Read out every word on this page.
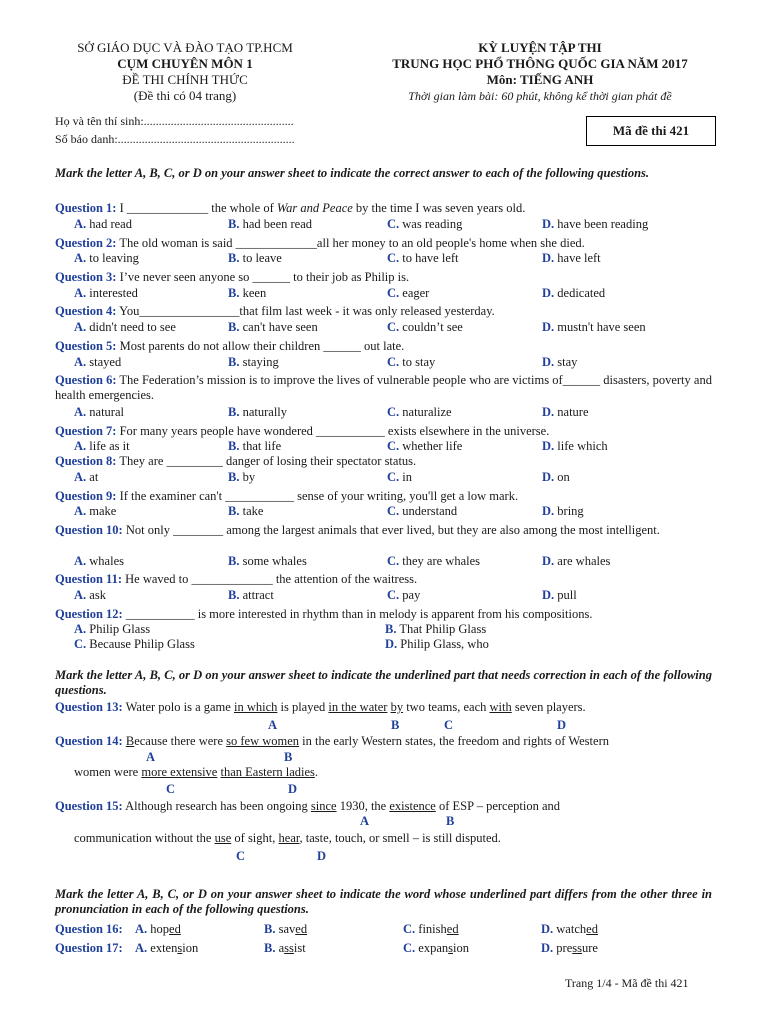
SỞ GIÁO DỤC VÀ ĐÀO TẠO TP.HCM
CỤM CHUYÊN MÔN 1
ĐỀ THI CHÍNH THỨC
(Đề thi có 04 trang)
KỲ LUYỆN TẬP THI
TRUNG HỌC PHỔ THÔNG QUỐC GIA NĂM 2017
Môn: TIẾNG ANH
Thời gian làm bài: 60 phút, không kể thời gian phát đề
Họ và tên thí sinh:..................................................
Số báo danh:...........................................................
Mã đề thi 421
Mark the letter A, B, C, or D on your answer sheet to indicate the correct answer to each of the following questions.
Question 1: I _____________ the whole of War and Peace by the time I was seven years old.
A. had read	B. had been read	C. was reading	D. have been reading
Question 2: The old woman is said _____________all her money to an old people's home when she died.
A. to leaving	B. to leave	C. to have left	D. have left
Question 3: I’ve never seen anyone so ______ to their job as Philip is.
A. interested	B. keen	C. eager	D. dedicated
Question 4: You________________that film last week - it was only released yesterday.
A. didn't need to see	B. can't have seen	C. couldn’t see	D. mustn't have seen
Question 5: Most parents do not allow their children ______ out late.
A. stayed	B. staying	C. to stay	D. stay
Question 6: The Federation’s mission is to improve the lives of vulnerable people who are victims of______ disasters, poverty and health emergencies.
A. natural	B. naturally	C. naturalize	D. nature
Question 7: For many years people have wondered ___________ exists elsewhere in the universe.
A. life as it	B. that life	C. whether life	D. life which
Question 8: They are _________ danger of losing their spectator status.
A. at	B. by	C. in	D. on
Question 9: If the examiner can't ___________ sense of your writing, you'll get a low mark.
A. make	B. take	C. understand	D. bring
Question 10: Not only ________ among the largest animals that ever lived, but they are also among the most intelligent.
A. whales	B. some whales	C. they are whales	D. are whales
Question 11: He waved to _____________ the attention of the waitress.
A. ask	B. attract	C. pay	D. pull
Question 12: ___________ is more interested in rhythm than in melody is apparent from his compositions.
A. Philip Glass	B. That Philip Glass
C. Because Philip Glass	D. Philip Glass, who
Mark the letter A, B, C, or D on your answer sheet to indicate the underlined part that needs correction in each of the following questions.
Question 13: Water polo is a game in which is played in the water by two teams, each with seven players.
A	B	C	D
Question 14: Because there were so few women in the early Western states, the freedom and rights of Western
A	B
women were more extensive than Eastern ladies.
C	D
Question 15: Although research has been ongoing since 1930, the existence of ESP – perception and
A	B
communication without the use of sight, hear, taste, touch, or smell – is still disputed.
C	D
Mark the letter A, B, C, or D on your answer sheet to indicate the word whose underlined part differs from the other three in pronunciation in each of the following questions.
Question 16: A. hoped	B. saved	C. finished	D. watched
Question 17: A. extension	B. assist	C. expansion	D. pressure
Trang 1/4 - Mã đề thi 421
